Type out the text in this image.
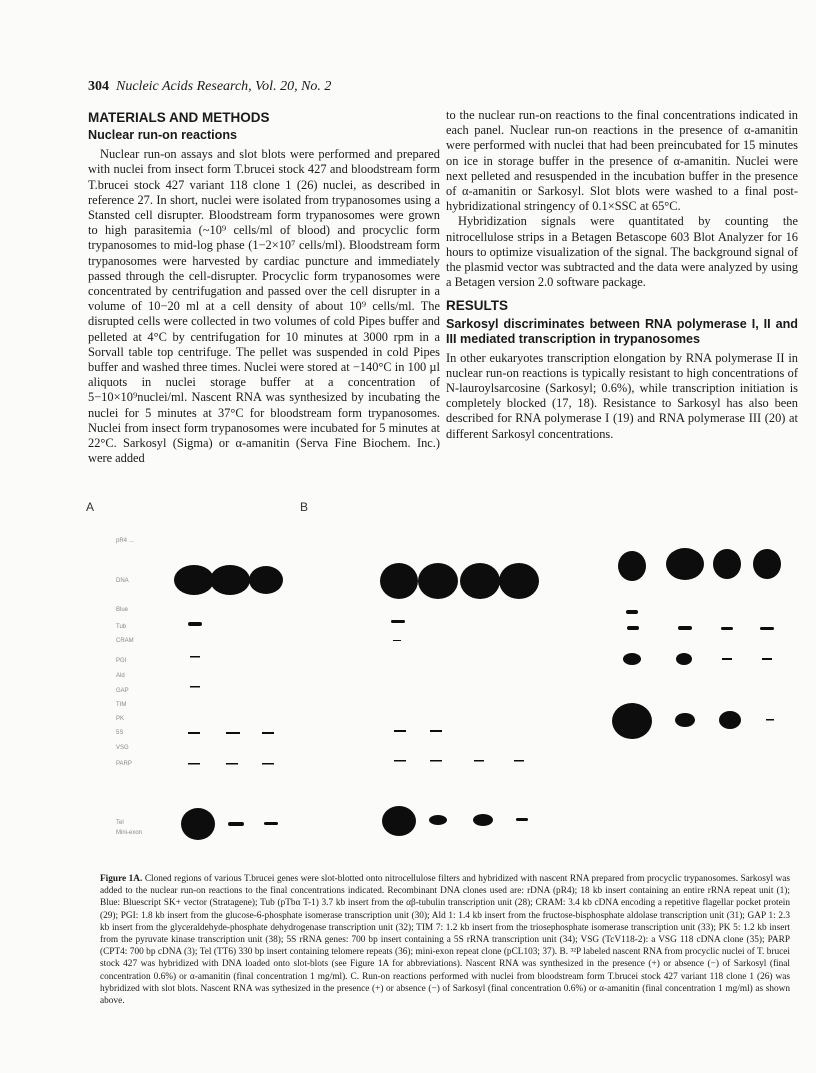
304 Nucleic Acids Research, Vol. 20, No. 2
MATERIALS AND METHODS
Nuclear run-on reactions

Nuclear run-on assays and slot blots were performed and prepared with nuclei from insect form T.brucei stock 427 and bloodstream form T.brucei stock 427 variant 118 clone 1 (26) nuclei, as described in reference 27. In short, nuclei were isolated from trypanosomes using a Stansted cell disrupter. Bloodstream form trypanosomes were grown to high parasitemia (~10⁹ cells/ml of blood) and procyclic form trypanosomes to mid-log phase (1−2×10⁷ cells/ml). Bloodstream form trypanosomes were harvested by cardiac puncture and immediately passed through the cell-disrupter. Procyclic form trypanosomes were concentrated by centrifugation and passed over the cell disrupter in a volume of 10−20 ml at a cell density of about 10⁹ cells/ml. The disrupted cells were collected in two volumes of cold Pipes buffer and pelleted at 4°C by centrifugation for 10 minutes at 3000 rpm in a Sorvall table top centrifuge. The pellet was suspended in cold Pipes buffer and washed three times. Nuclei were stored at −140°C in 100 µl aliquots in nuclei storage buffer at a concentration of 5−10×10⁹nuclei/ml. Nascent RNA was synthesized by incubating the nuclei for 5 minutes at 37°C for bloodstream form trypanosomes. Nuclei from insect form trypanosomes were incubated for 5 minutes at 22°C. Sarkosyl (Sigma) or α-amanitin (Serva Fine Biochem. Inc.) were added

to the nuclear run-on reactions to the final concentrations indicated in each panel. Nuclear run-on reactions in the presence of α-amanitin were performed with nuclei that had been preincubated for 15 minutes on ice in storage buffer in the presence of α-amanitin. Nuclei were next pelleted and resuspended in the incubation buffer in the presence of α-amanitin or Sarkosyl. Slot blots were washed to a final post-hybridizational stringency of 0.1×SSC at 65°C.

Hybridization signals were quantitated by counting the nitrocellulose strips in a Betagen Betascope 603 Blot Analyzer for 16 hours to optimize visualization of the signal. The background signal of the plasmid vector was subtracted and the data were analyzed by using a Betagen version 2.0 software package.

RESULTS
Sarkosyl discriminates between RNA polymerase I, II and III mediated transcription in trypanosomes

In other eukaryotes transcription elongation by RNA polymerase II in nuclear run-on reactions is typically resistant to high concentrations of N-lauroylsarcosine (Sarkosyl; 0.6%), while transcription initiation is completely blocked (17, 18). Resistance to Sarkosyl has also been described for RNA polymerase I (19) and RNA polymerase III (20) at different Sarkosyl concentrations.

A	B
pR4 ...
DNA
Blue
Tub
CRAM
PGI
Ald
GAP
TIM
PK
5S
VSG
PARP
Tel
Mini-exon
Figure 1A. Cloned regions of various T.brucei genes were slot-blotted onto nitrocellulose filters and hybridized with nascent RNA prepared from procyclic trypanosomes. Sarkosyl was added to the nuclear run-on reactions to the final concentrations indicated. Recombinant DNA clones used are: rDNA (pR4); 18 kb insert containing an entire rRNA repeat unit (1); Blue: Bluescript SK+ vector (Stratagene); Tub (pTbα T-1) 3.7 kb insert from the αβ-tubulin transcription unit (28); CRAM: 3.4 kb cDNA encoding a repetitive flagellar pocket protein (29); PGI: 1.8 kb insert from the glucose-6-phosphate isomerase transcription unit (30); Ald 1: 1.4 kb insert from the fructose-bisphosphate aldolase transcription unit (31); GAP 1: 2.3 kb insert from the glyceraldehyde-phosphate dehydrogenase transcription unit (32); TIM 7: 1.2 kb insert from the triosephosphate isomerase transcription unit (33); PK 5: 1.2 kb insert from the pyruvate kinase transcription unit (38); 5S rRNA genes: 700 bp insert containing a 5S rRNA transcription unit (34); VSG (TcV118-2): a VSG 118 cDNA clone (35); PARP (CPT4: 700 bp cDNA (3); Tel (TT6) 330 bp insert containing telomere repeats (36); mini-exon repeat clone (pCL103; 37). B. ³²P labeled nascent RNA from procyclic nuclei of T. brucei stock 427 was hybridized with DNA loaded onto slot-blots (see Figure 1A for abbreviations). Nascent RNA was synthesized in the presence (+) or absence (−) of Sarkosyl (final concentration 0.6%) or α-amanitin (final concentration 1 mg/ml). C. Run-on reactions performed with nuclei from bloodstream form T.brucei stock 427 variant 118 clone 1 (26) was hybridized with slot blots. Nascent RNA was sythesized in the presence (+) or absence (−) of Sarkosyl (final concentration 0.6%) or α-amanitin (final concentration 1 mg/ml) as shown above.
